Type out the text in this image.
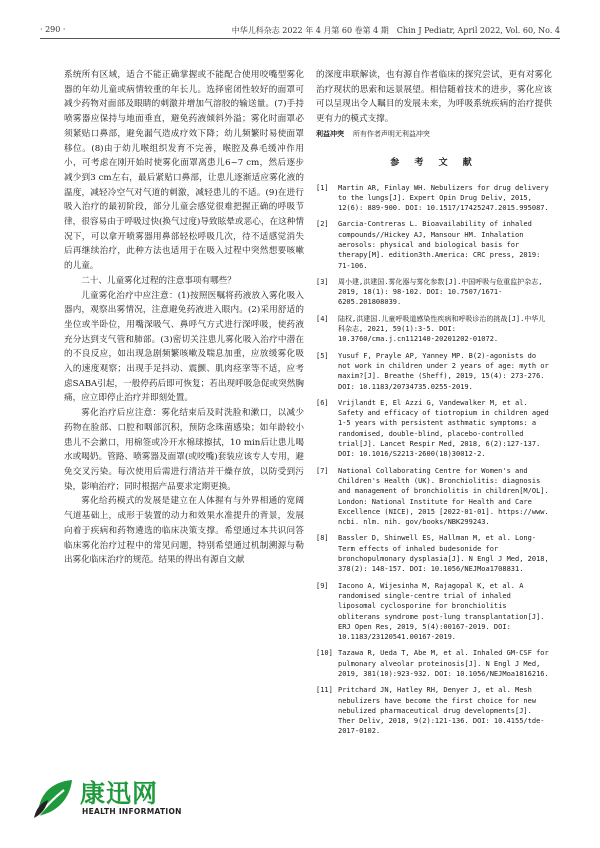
· 290 ·	中华儿科杂志 2022 年 4 月第 60 卷第 4 期　Chin J Pediatr, April 2022, Vol. 60, No. 4

系统所有区域，适合不能正确掌握或不能配合使用咬嘴型雾化器的年幼儿童或病情较重的年长儿。选择密闭性较好的面罩可减少药物对面部及眼睛的刺激并增加气溶胶的输送量。(7)手持喷雾器应保持与地面垂直，避免药液倾斜外溢；雾化时面罩必须紧贴口鼻部，避免漏气造成疗效下降；幼儿频繁时易使面罩移位。(8)由于幼儿喉组织发育不完善，喉腔及鼻毛缓冲作用小，可考虑在刚开始时使雾化面罩离患儿6~7 cm，然后逐步减少到3 cm左右，最后紧贴口鼻部，让患儿逐渐适应雾化液的温度，减轻冷空气对气道的刺激，减轻患儿的不适。(9)在进行吸入治疗的最初阶段，部分儿童会感觉很难把握正确的呼吸节律，很容易由于呼吸过快(换气过度)导致眩晕或恶心，在这种情况下，可以拿开喷雾器用鼻部轻松呼吸几次，待不适感觉消失后再继续治疗，此种方法也适用于在吸入过程中突然想要咳嗽的儿童。

二十、儿童雾化过程的注意事项有哪些？

儿童雾化治疗中应注意：(1)按照医嘱将药液放入雾化吸入器内，观察出雾情况，注意避免药液进入眼内。(2)采用舒适的坐位或半卧位，用嘴深吸气、鼻呼气方式进行深呼吸，使药液充分达到支气管和肺部。(3)密切关注患儿雾化吸入治疗中潜在的不良反应，如出现急剧频繁咳嗽及喘息加重，应放缓雾化吸入的速度观察；出现手足抖动、震颤、肌肉痉挛等不适，应考虑SABA引起，一般停药后即可恢复；若出现呼吸急促或突然胸痛，应立即停止治疗并即刻处置。

雾化治疗后应注意：雾化结束后及时洗脸和漱口，以减少药物在脸部、口腔和咽部沉积，预防念珠菌感染；如年龄较小患儿不会漱口，用棉签或冷开水棉球擦拭，10 min后让患儿喝水或喝奶。管路、喷雾器及面罩(或咬嘴)套装应该专人专用，避免交叉污染。每次使用后需进行清洁并干燥存放，以防受到污染，影响治疗；同时根据产品要求定期更换。

雾化给药模式的发展是建立在人体握有与外界相通的宽阔气道基础上，成形于装置的动力和效果水准提升的背景，发展向着于疾病和药物遴选的临床决策支撑。希望通过本共识问答临床雾化治疗过程中的常见问题，特别希望通过机制溯源与勒出雾化临床治疗的规范。结果的得出有源自文献

的深度串联解读，也有源自作者临床的探究尝试，更有对雾化治疗现状的思索和远景展望。相信随着技术的进步，雾化应该可以呈现出令人瞩目的发展未来，为呼吸系统疾病的治疗提供更有力的模式支撑。

利益冲突 所有作者声明无利益冲突
参 考 文 献
[1] Martin AR, Finlay WH. Nebulizers for drug delivery to the lungs[J]. Expert Opin Drug Deliv, 2015, 12(6): 889-900. DOI: 10.1517/17425247.2015.995087.
[2] Garcia-Contreras L. Bioavailability of inhaled compounds//Hickey AJ, Mansour HM. Inhalation aerosols: physical and biological basis for therapy[M]. edition3th.America: CRC press, 2019: 71-106.
[3] 周小建,洪建国.雾化器与雾化参数[J].中国呼吸与危重监护杂志, 2019, 18(1): 98-102. DOI: 10.7507/1671-6205.201808039.
[4] 陆权,洪建国.儿童呼吸道感染性疾病和呼吸诊治的挑战[J].中华儿科杂志, 2021, 59(1):3-5. DOI: 10.3760/cma.j.cn112140-20201202-01072.
[5] Yusuf F, Prayle AP, Yanney MP. B(2)-agonists do not work in children under 2 years of age: myth or maxim?[J]. Breathe (Sheff), 2019, 15(4): 273-276. DOI: 10.1183/20734735.0255-2019.
[6] Vrijlandt E, El Azzi G, Vandewalker M, et al. Safety and efficacy of tiotropium in children aged 1-5 years with persistent asthmatic symptoms: a randomised, double-blind, placebo-controlled trial[J]. Lancet Respir Med, 2018, 6(2):127-137. DOI: 10.1016/S2213-2600(18)30012-2.
[7] National Collaborating Centre for Women's and Children's Health (UK). Bronchiolitis: diagnosis and management of bronchiolitis in children[M/OL]. London: National Institute for Health and Care Excellence (NICE), 2015 [2022-01-01]. https://www. ncbi. nlm. nih. gov/books/NBK299243.
[8] Bassler D, Shinwell ES, Hallman M, et al. Long-Term effects of inhaled budesonide for bronchopulmonary dysplasia[J]. N Engl J Med, 2018, 378(2): 148-157. DOI: 10.1056/NEJMoa1708831.
[9] Iacono A, Wijesinha M, Rajagopal K, et al. A randomised single-centre trial of inhaled liposomal cyclosporine for bronchiolitis obliterans syndrome post-lung transplantation[J]. ERJ Open Res, 2019, 5(4):00167-2019. DOI: 10.1183/23120541.00167-2019.
[10] Tazawa R, Ueda T, Abe M, et al. Inhaled GM-CSF for pulmonary alveolar proteinosis[J]. N Engl J Med, 2019, 381(10):923-932. DOI: 10.1056/NEJMoa1816216.
[11] Pritchard JN, Hatley RH, Denyer J, et al. Mesh nebulizers have become the first choice for new nebulized pharmaceutical drug developments[J]. Ther Deliv, 2018, 9(2):121-136. DOI: 10.4155/tde-2017-0102.
康迅网
HEALTH INFORMATION
